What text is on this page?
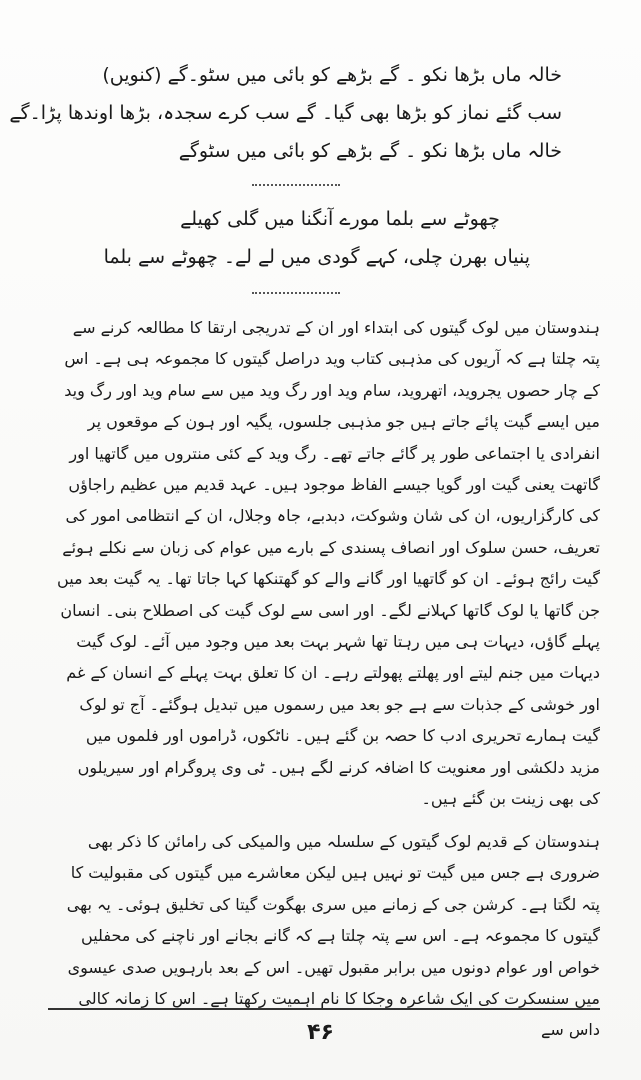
خالہ ماں بڑھا نکو ۔ گے بڑھے کو بائی میں سٹو۔گے (کنویں)
سب گئے نماز کو بڑھا بھی گیا۔ گے سب کرے سجدہ، بڑھا اوندھا پڑا۔گے
خالہ ماں بڑھا نکو ۔ گے بڑھے کو بائی میں سٹوگے
چھوٹے سے بلما مورے آنگنا میں گلی کھیلے
پنیاں بھرن چلی، کہے گودی میں لے لے۔ چھوٹے سے بلما

ہندوستان میں لوک گیتوں کی ابتداء اور ان کے تدریجی ارتقا کا مطالعہ کرنے سے پتہ چلتا ہے کہ آریوں کی مذہبی کتاب وید دراصل گیتوں کا مجموعہ ہی ہے۔ اس کے چار حصوں یجروید، اتھروید، سام وید اور رگ وید میں سے سام وید اور رگ وید میں ایسے گیت پائے جاتے ہیں جو مذہبی جلسوں، یگیہ اور ہون کے موقعوں پر انفرادی یا اجتماعی طور پر گائے جاتے تھے۔ رگ وید کے کئی منتروں میں گاتھیا اور گاتھت یعنی گیت اور گویا جیسے الفاظ موجود ہیں۔ عہد قدیم میں عظیم راجاؤں کی کارگزاریوں، ان کی شان وشوکت، دبدبے، جاہ وجلال، ان کے انتظامی امور کی تعریف، حسن سلوک اور انصاف پسندی کے بارے میں عوام کی زبان سے نکلے ہوئے گیت رائج ہوئے۔ ان کو گاتھیا اور گانے والے کو گھتنکھا کہا جاتا تھا۔ یہ گیت بعد میں جن گاتھا یا لوک گاتھا کہلانے لگے۔ اور اسی سے لوک گیت کی اصطلاح بنی۔ انسان پہلے گاؤں، دیہات ہی میں رہتا تھا شہر بہت بعد میں وجود میں آئے۔ لوک گیت دیہات میں جنم لیتے اور پھلتے پھولتے رہے۔ ان کا تعلق بہت پہلے کے انسان کے غم اور خوشی کے جذبات سے ہے جو بعد میں رسموں میں تبدیل ہوگئے۔ آج تو لوک گیت ہمارے تحریری ادب کا حصہ بن گئے ہیں۔ ناٹکوں، ڈراموں اور فلموں میں مزید دلکشی اور معنویت کا اضافہ کرنے لگے ہیں۔ ٹی وی پروگرام اور سیریلوں کی بھی زینت بن گئے ہیں۔

ہندوستان کے قدیم لوک گیتوں کے سلسلہ میں والمیکی کی رامائن کا ذکر بھی ضروری ہے جس میں گیت تو نہیں ہیں لیکن معاشرے میں گیتوں کی مقبولیت کا پتہ لگتا ہے۔ کرشن جی کے زمانے میں سری بھگوت گیتا کی تخلیق ہوئی۔ یہ بھی گیتوں کا مجموعہ ہے۔ اس سے پتہ چلتا ہے کہ گانے بجانے اور ناچنے کی محفلیں خواص اور عوام دونوں میں برابر مقبول تھیں۔ اس کے بعد بارہویں صدی عیسوی میں سنسکرت کی ایک شاعرہ وجکا کا نام اہمیت رکھتا ہے۔ اس کا زمانہ کالی داس سے

۴۶
